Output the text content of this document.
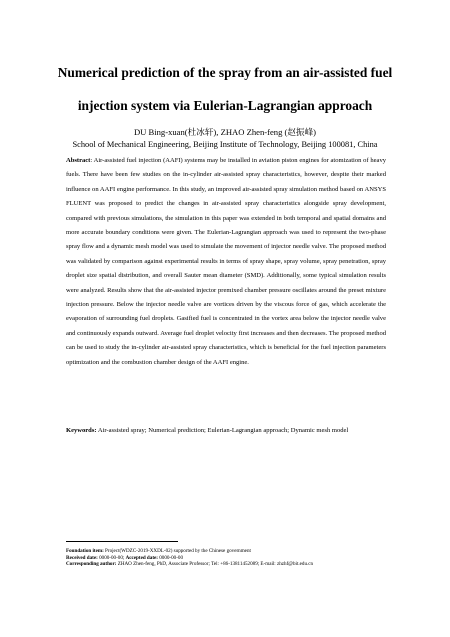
Numerical prediction of the spray from an air-assisted fuel
injection system via Eulerian-Lagrangian approach
DU Bing-xuan(杜冰轩), ZHAO Zhen-feng (赵振峰)
School of Mechanical Engineering, Beijing Institute of Technology, Beijing 100081, China
Abstract: Air-assisted fuel injection (AAFI) systems may be installed in aviation piston engines for atomization of heavy fuels. There have been few studies on the in-cylinder air-assisted spray characteristics, however, despite their marked influence on AAFI engine performance. In this study, an improved air-assisted spray simulation method based on ANSYS FLUENT was proposed to predict the changes in air-assisted spray characteristics alongside spray development, compared with previous simulations, the simulation in this paper was extended in both temporal and spatial domains and more accurate boundary conditions were given. The Eulerian-Lagrangian approach was used to represent the two-phase spray flow and a dynamic mesh model was used to simulate the movement of injector needle valve. The proposed method was validated by comparison against experimental results in terms of spray shape, spray volume, spray penetration, spray droplet size spatial distribution, and overall Sauter mean diameter (SMD). Additionally, some typical simulation results were analyzed. Results show that the air-assisted injector premixed chamber pressure oscillates around the preset mixture injection pressure. Below the injector needle valve are vortices driven by the viscous force of gas, which accelerate the evaporation of surrounding fuel droplets. Gasified fuel is concentrated in the vortex area below the injector needle valve and continuously expands outward. Average fuel droplet velocity first increases and then decreases. The proposed method can be used to study the in-cylinder air-assisted spray characteristics, which is beneficial for the fuel injection parameters optimization and the combustion chamber design of the AAFI engine.
Keywords: Air-assisted spray; Numerical prediction; Eulerian-Lagrangian approach; Dynamic mesh model
Foundation item: Project(WDZC-2019-XXDL-02) supported by the Chinese government
Received date: 0000-00-00; Accepted date: 0000-00-00
Corresponding author: ZHAO Zhen-feng, PhD, Associate Professor; Tel: +86-13811452089; E-mail: zhzhf@bit.edu.cn
